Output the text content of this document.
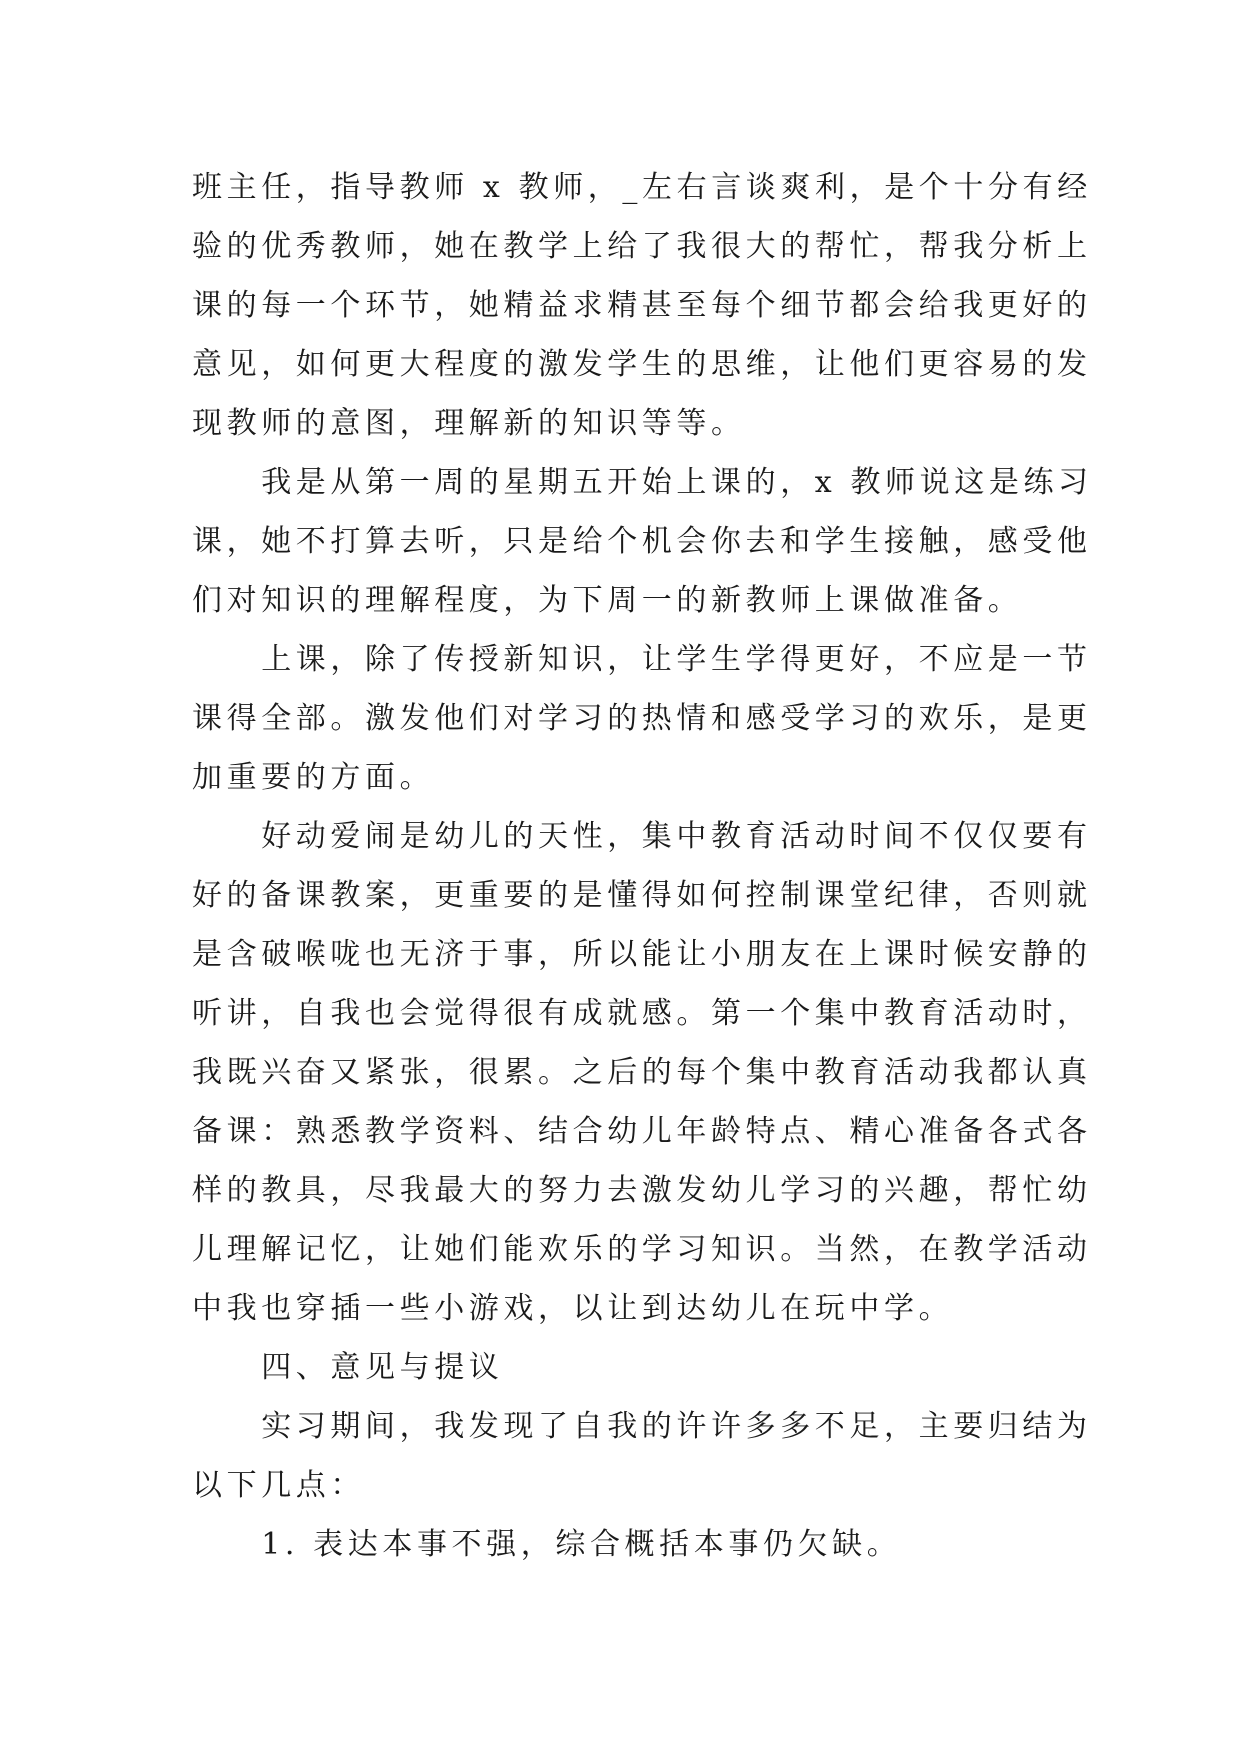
班主任，指导教师 x 教师，_左右言谈爽利，是个十分有经
验的优秀教师，她在教学上给了我很大的帮忙，帮我分析上
课的每一个环节，她精益求精甚至每个细节都会给我更好的
意见，如何更大程度的激发学生的思维，让他们更容易的发
现教师的意图，理解新的知识等等。
　　我是从第一周的星期五开始上课的，x 教师说这是练习
课，她不打算去听，只是给个机会你去和学生接触，感受他
们对知识的理解程度，为下周一的新教师上课做准备。
　　上课，除了传授新知识，让学生学得更好，不应是一节
课得全部。激发他们对学习的热情和感受学习的欢乐，是更
加重要的方面。
　　好动爱闹是幼儿的天性，集中教育活动时间不仅仅要有
好的备课教案，更重要的是懂得如何控制课堂纪律，否则就
是含破喉咙也无济于事，所以能让小朋友在上课时候安静的
听讲，自我也会觉得很有成就感。第一个集中教育活动时，
我既兴奋又紧张，很累。之后的每个集中教育活动我都认真
备课：熟悉教学资料、结合幼儿年龄特点、精心准备各式各
样的教具，尽我最大的努力去激发幼儿学习的兴趣，帮忙幼
儿理解记忆，让她们能欢乐的学习知识。当然，在教学活动
中我也穿插一些小游戏，以让到达幼儿在玩中学。
　　四、意见与提议
　　实习期间，我发现了自我的许许多多不足，主要归结为
以下几点：
　　1. 表达本事不强，综合概括本事仍欠缺。
